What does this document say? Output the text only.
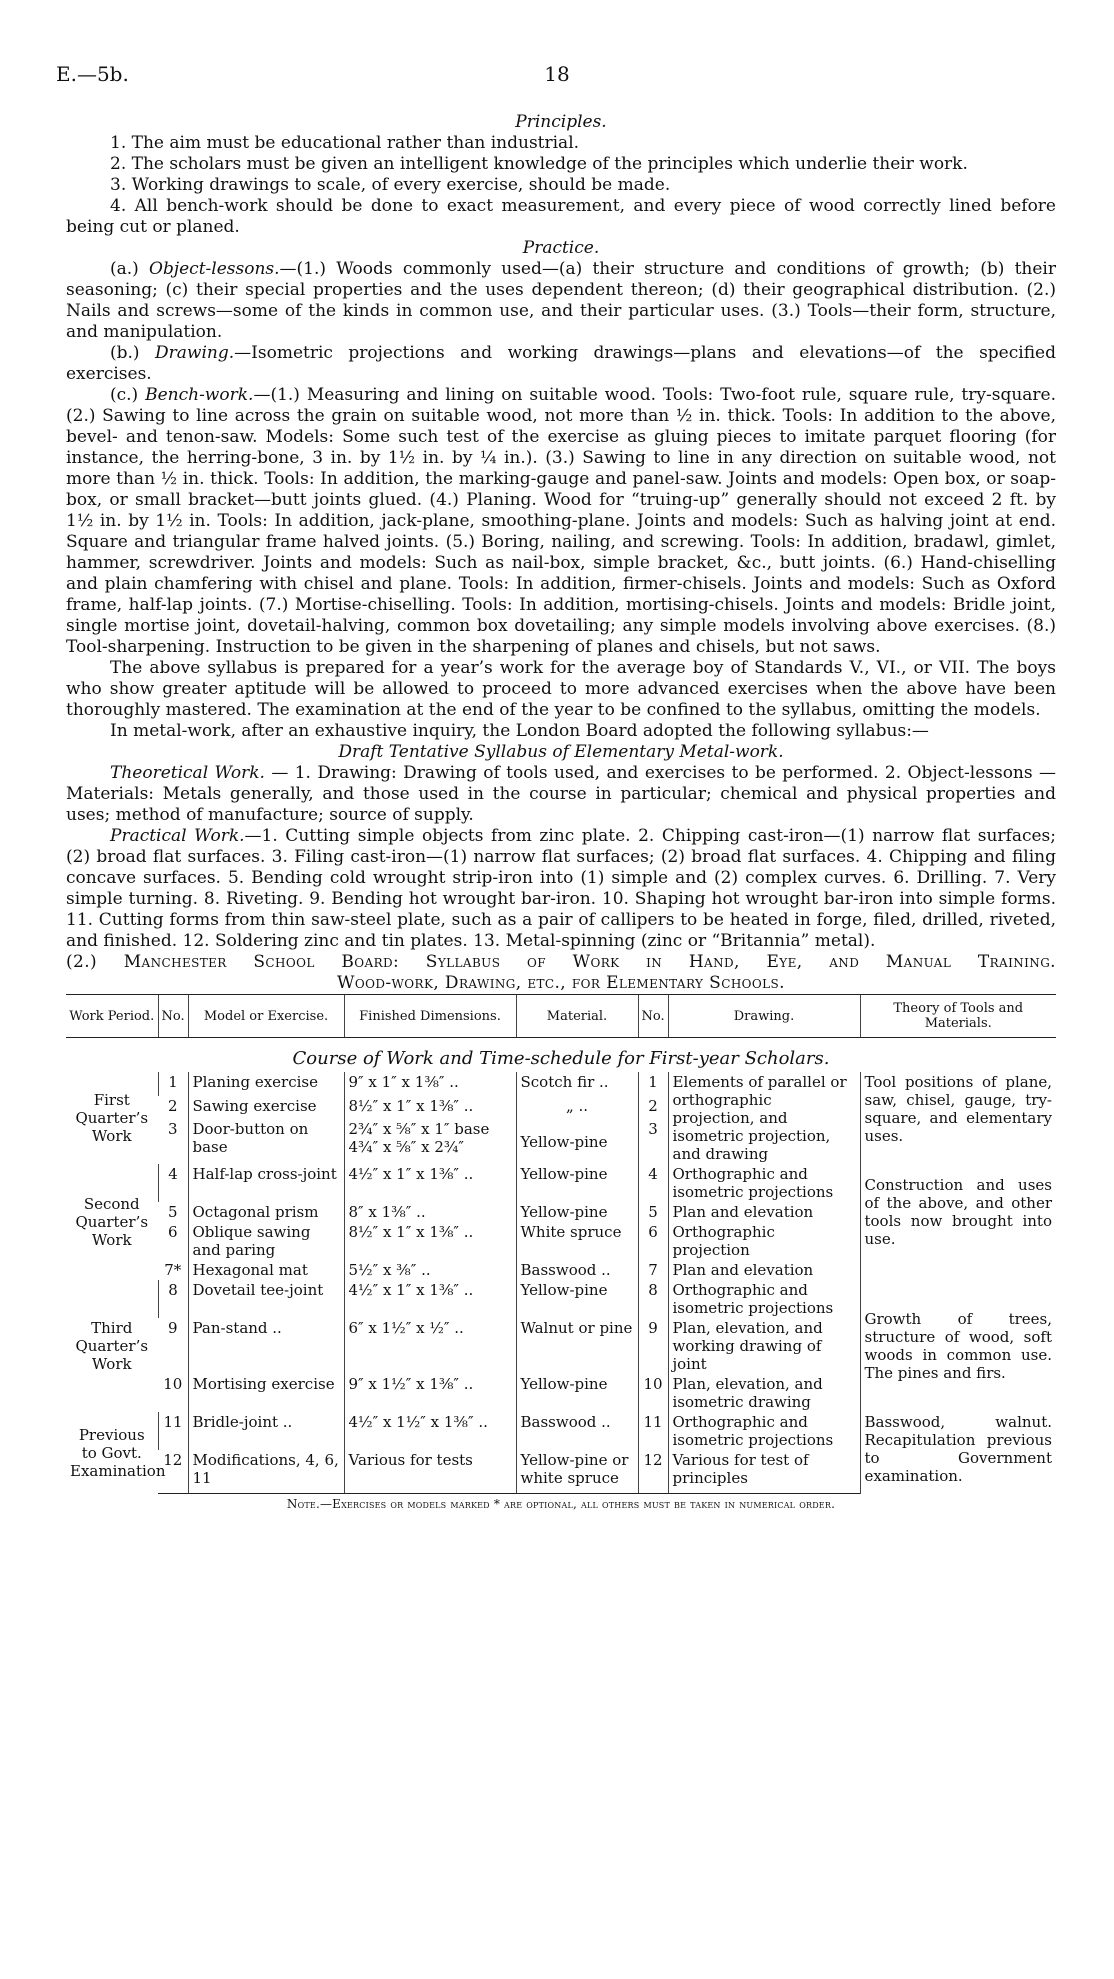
E.—5b.	18

Principles.

1. The aim must be educational rather than industrial.

2. The scholars must be given an intelligent knowledge of the principles which underlie their work.

3. Working drawings to scale, of every exercise, should be made.

4. All bench-work should be done to exact measurement, and every piece of wood correctly lined before being cut or planed.

Practice.

(a.) Object-lessons.—(1.) Woods commonly used—(a) their structure and conditions of growth; (b) their seasoning; (c) their special properties and the uses dependent thereon; (d) their geographical distribution. (2.) Nails and screws—some of the kinds in common use, and their particular uses. (3.) Tools—their form, structure, and manipulation.

(b.) Drawing.—Isometric projections and working drawings—plans and elevations—of the specified exercises.

(c.) Bench-work.—(1.) Measuring and lining on suitable wood. Tools: Two-foot rule, square rule, try-square. (2.) Sawing to line across the grain on suitable wood, not more than ½ in. thick. Tools: In addition to the above, bevel- and tenon-saw. Models: Some such test of the exercise as gluing pieces to imitate parquet flooring (for instance, the herring-bone, 3 in. by 1½ in. by ¼ in.). (3.) Sawing to line in any direction on suitable wood, not more than ½ in. thick. Tools: In addition, the marking-gauge and panel-saw. Joints and models: Open box, or soap-box, or small bracket—butt joints glued. (4.) Planing. Wood for “truing-up” generally should not exceed 2 ft. by 1½ in. by 1½ in. Tools: In addition, jack-plane, smoothing-plane. Joints and models: Such as halving joint at end. Square and triangular frame halved joints. (5.) Boring, nailing, and screwing. Tools: In addition, bradawl, gimlet, hammer, screwdriver. Joints and models: Such as nail-box, simple bracket, &c., butt joints. (6.) Hand-chiselling and plain chamfering with chisel and plane. Tools: In addition, firmer-chisels. Joints and models: Such as Oxford frame, half-lap joints. (7.) Mortise-chiselling. Tools: In addition, mortising-chisels. Joints and models: Bridle joint, single mortise joint, dovetail-halving, common box dovetailing; any simple models involving above exercises. (8.) Tool-sharpening. Instruction to be given in the sharpening of planes and chisels, but not saws.

The above syllabus is prepared for a year’s work for the average boy of Standards V., VI., or VII. The boys who show greater aptitude will be allowed to proceed to more advanced exercises when the above have been thoroughly mastered. The examination at the end of the year to be confined to the syllabus, omitting the models.

In metal-work, after an exhaustive inquiry, the London Board adopted the following syllabus:—

Draft Tentative Syllabus of Elementary Metal-work.

Theoretical Work. — 1. Drawing: Drawing of tools used, and exercises to be performed. 2. Object-lessons — Materials: Metals generally, and those used in the course in particular; chemical and physical properties and uses; method of manufacture; source of supply.

Practical Work.—1. Cutting simple objects from zinc plate. 2. Chipping cast-iron—(1) narrow flat surfaces; (2) broad flat surfaces. 3. Filing cast-iron—(1) narrow flat surfaces; (2) broad flat surfaces. 4. Chipping and filing concave surfaces. 5. Bending cold wrought strip-iron into (1) simple and (2) complex curves. 6. Drilling. 7. Very simple turning. 8. Riveting. 9. Bending hot wrought bar-iron. 10. Shaping hot wrought bar-iron into simple forms. 11. Cutting forms from thin saw-steel plate, such as a pair of callipers to be heated in forge, filed, drilled, riveted, and finished. 12. Soldering zinc and tin plates. 13. Metal-spinning (zinc or “Britannia” metal).

(2.) Manchester School Board: Syllabus of Work in Hand, Eye, and Manual Training.

Wood-work, Drawing, etc., for Elementary Schools.

Work Period.	No.	Model or Exercise.	Finished Dimensions.	Material.	No.	Drawing.	Theory of Tools and Materials.
Course of Work and Time-schedule for First-year Scholars.							
First Quarter’s Work	1	Planing exercise	9″ x 1″ x 1⅜″ ..	Scotch fir ..	1	Elements of parallel or orthographic projection, and isometric projection, and drawing	Tool positions of plane, saw, chisel, gauge, try-square, and elementary uses.
	2	Sawing exercise	8½″ x 1″ x 1⅜″ ..	„ ..	2		
	3	Door-button on base	2¾″ x ⅝″ x 1″ base 4¾″ x ⅝″ x 2¾″	Yellow-pine	3		
Second Quarter’s Work	4	Half-lap cross-joint	4½″ x 1″ x 1⅜″ ..	Yellow-pine	4	Orthographic and isometric projections	Construction and uses of the above, and other tools now brought into use.
	5	Octagonal prism	8″ x 1⅜″ ..	Yellow-pine	5	Plan and elevation	
	6	Oblique sawing and paring	8½″ x 1″ x 1⅜″ ..	White spruce	6	Orthographic projection	
	7*	Hexagonal mat	5½″ x ⅜″ ..	Basswood ..	7	Plan and elevation	
Third Quarter’s Work	8	Dovetail tee-joint	4½″ x 1″ x 1⅜″ ..	Yellow-pine	8	Orthographic and isometric projections	Growth of trees, structure of wood, soft woods in common use. The pines and firs.
	9	Pan-stand ..	6″ x 1½″ x ½″ ..	Walnut or pine	9	Plan, elevation, and working drawing of joint	
	10	Mortising exercise	9″ x 1½″ x 1⅜″ ..	Yellow-pine	10	Plan, elevation, and isometric drawing	
Previous to Govt. Examination	11	Bridle-joint ..	4½″ x 1½″ x 1⅜″ ..	Basswood ..	11	Orthographic and isometric projections	Basswood, walnut. Recapitulation previous to Government examination.
	12	Modifications, 4, 6, 11	Various for tests	Yellow-pine or white spruce	12	Various for test of principles	

Note.—Exercises or models marked * are optional, all others must be taken in numerical order.
